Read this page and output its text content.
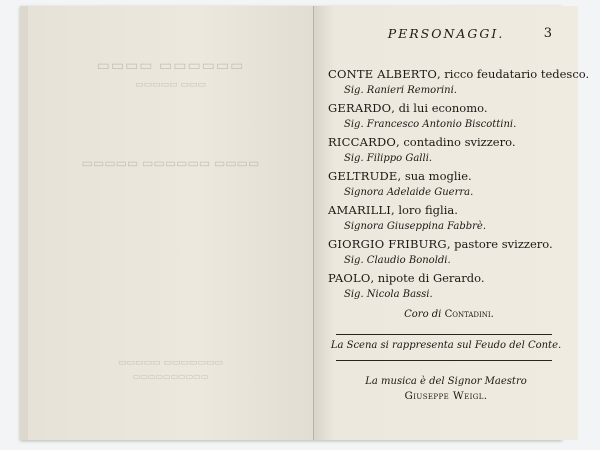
▭▭▭▭ ▭▭▭▭▭▭
▭▭▭▭▭ ▭▭▭
▭▭▭▭▭ ▭▭▭▭▭▭ ▭▭▭▭
▭▭▭▭▭ ▭▭▭▭▭▭▭
▭▭▭▭▭▭▭▭▭▭
PERSONAGGI.	3
CONTE ALBERTO, ricco feudatario tedesco.
Sig. Ranieri Remorini.
GERARDO, di lui economo.
Sig. Francesco Antonio Biscottini.
RICCARDO, contadino svizzero.
Sig. Filippo Galli.
GELTRUDE, sua moglie.
Signora Adelaide Guerra.
AMARILLI, loro figlia.
Signora Giuseppina Fabbrè.
GIORGIO FRIBURG, pastore svizzero.
Sig. Claudio Bonoldi.
PAOLO, nipote di Gerardo.
Sig. Nicola Bassi.
Coro di Contadini.
La Scena si rappresenta sul Feudo del Conte.
La musica è del Signor Maestro
Giuseppe Weigl.
